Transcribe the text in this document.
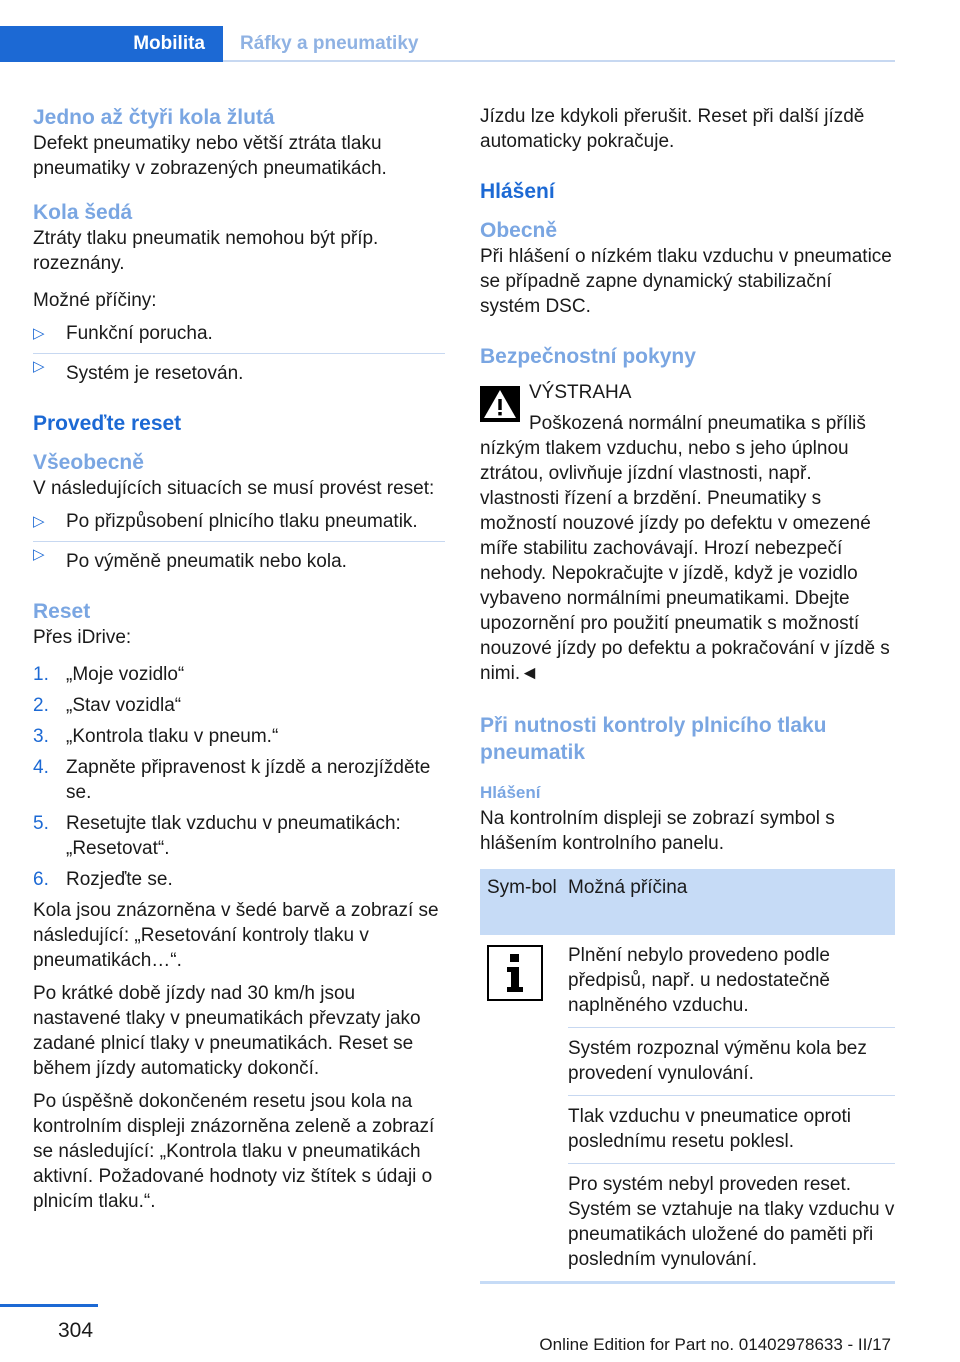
Mobilita	Ráfky a pneumatiky
Jedno až čtyři kola žlutá

Defekt pneumatiky nebo větší ztráta tlaku pneumatiky v zobrazených pneumatikách.

Kola šedá

Ztráty tlaku pneumatik nemohou být příp. rozeznány.

Možné příčiny:

▷ Funkční porucha.
▷ Systém je resetován.
Proveďte reset
Všeobecně

V následujících situacích se musí provést reset:

▷ Po přizpůsobení plnicího tlaku pneumatik.
▷ Po výměně pneumatik nebo kola.
Reset

Přes iDrive:

1. „Moje vozidlo“
2. „Stav vozidla“
3. „Kontrola tlaku v pneum.“
4. Zapněte připravenost k jízdě a nerozjížděte se.
5. Resetujte tlak vzduchu v pneumatikách: „Resetovat“.
6. Rozjeďte se.

Kola jsou znázorněna v šedé barvě a zobrazí se následující: „Resetování kontroly tlaku v pneumatikách…“.

Po krátké době jízdy nad 30 km/h jsou nastavené tlaky v pneumatikách převzaty jako zadané plnicí tlaky v pneumatikách. Reset se během jízdy automaticky dokončí.

Po úspěšně dokončeném resetu jsou kola na kontrolním displeji znázorněna zeleně a zobrazí se následující: „Kontrola tlaku v pneumatikách aktivní. Požadované hodnoty viz štítek s údaji o plnicím tlaku.“.

Jízdu lze kdykoli přerušit. Reset při další jízdě automaticky pokračuje.

Hlášení
Obecně

Při hlášení o nízkém tlaku vzduchu v pneumatice se případně zapne dynamický stabilizační systém DSC.

Bezpečnostní pokyny
VÝSTRAHA
Poškozená normální pneumatika s příliš nízkým tlakem vzduchu, nebo s jeho úplnou ztrátou, ovlivňuje jízdní vlastnosti, např. vlastnosti řízení a brzdění. Pneumatiky s možností nouzové jízdy po defektu v omezené míře stabilitu zachovávají. Hrozí nebezpečí nehody. Nepokračujte v jízdě, když je vozidlo vybaveno normálními pneumatikami. Dbejte upozornění pro použití pneumatik s možností nouzové jízdy po defektu a pokračování v jízdě s nimi.◄
Při nutnosti kontroly plnicího tlaku pneumatik
Hlášení

Na kontrolním displeji se zobrazí symbol s hlášením kontrolního panelu.

Sym-bol Možná příčina
Plnění nebylo provedeno podle předpisů, např. u nedostatečně naplněného vzduchu.
Systém rozpoznal výměnu kola bez provedení vynulování.
Tlak vzduchu v pneumatice oproti poslednímu resetu poklesl.
Pro systém nebyl proveden reset. Systém se vztahuje na tlaky vzduchu v pneumatikách uložené do paměti při posledním vynulování.
304
Online Edition for Part no. 01402978633 - II/17
